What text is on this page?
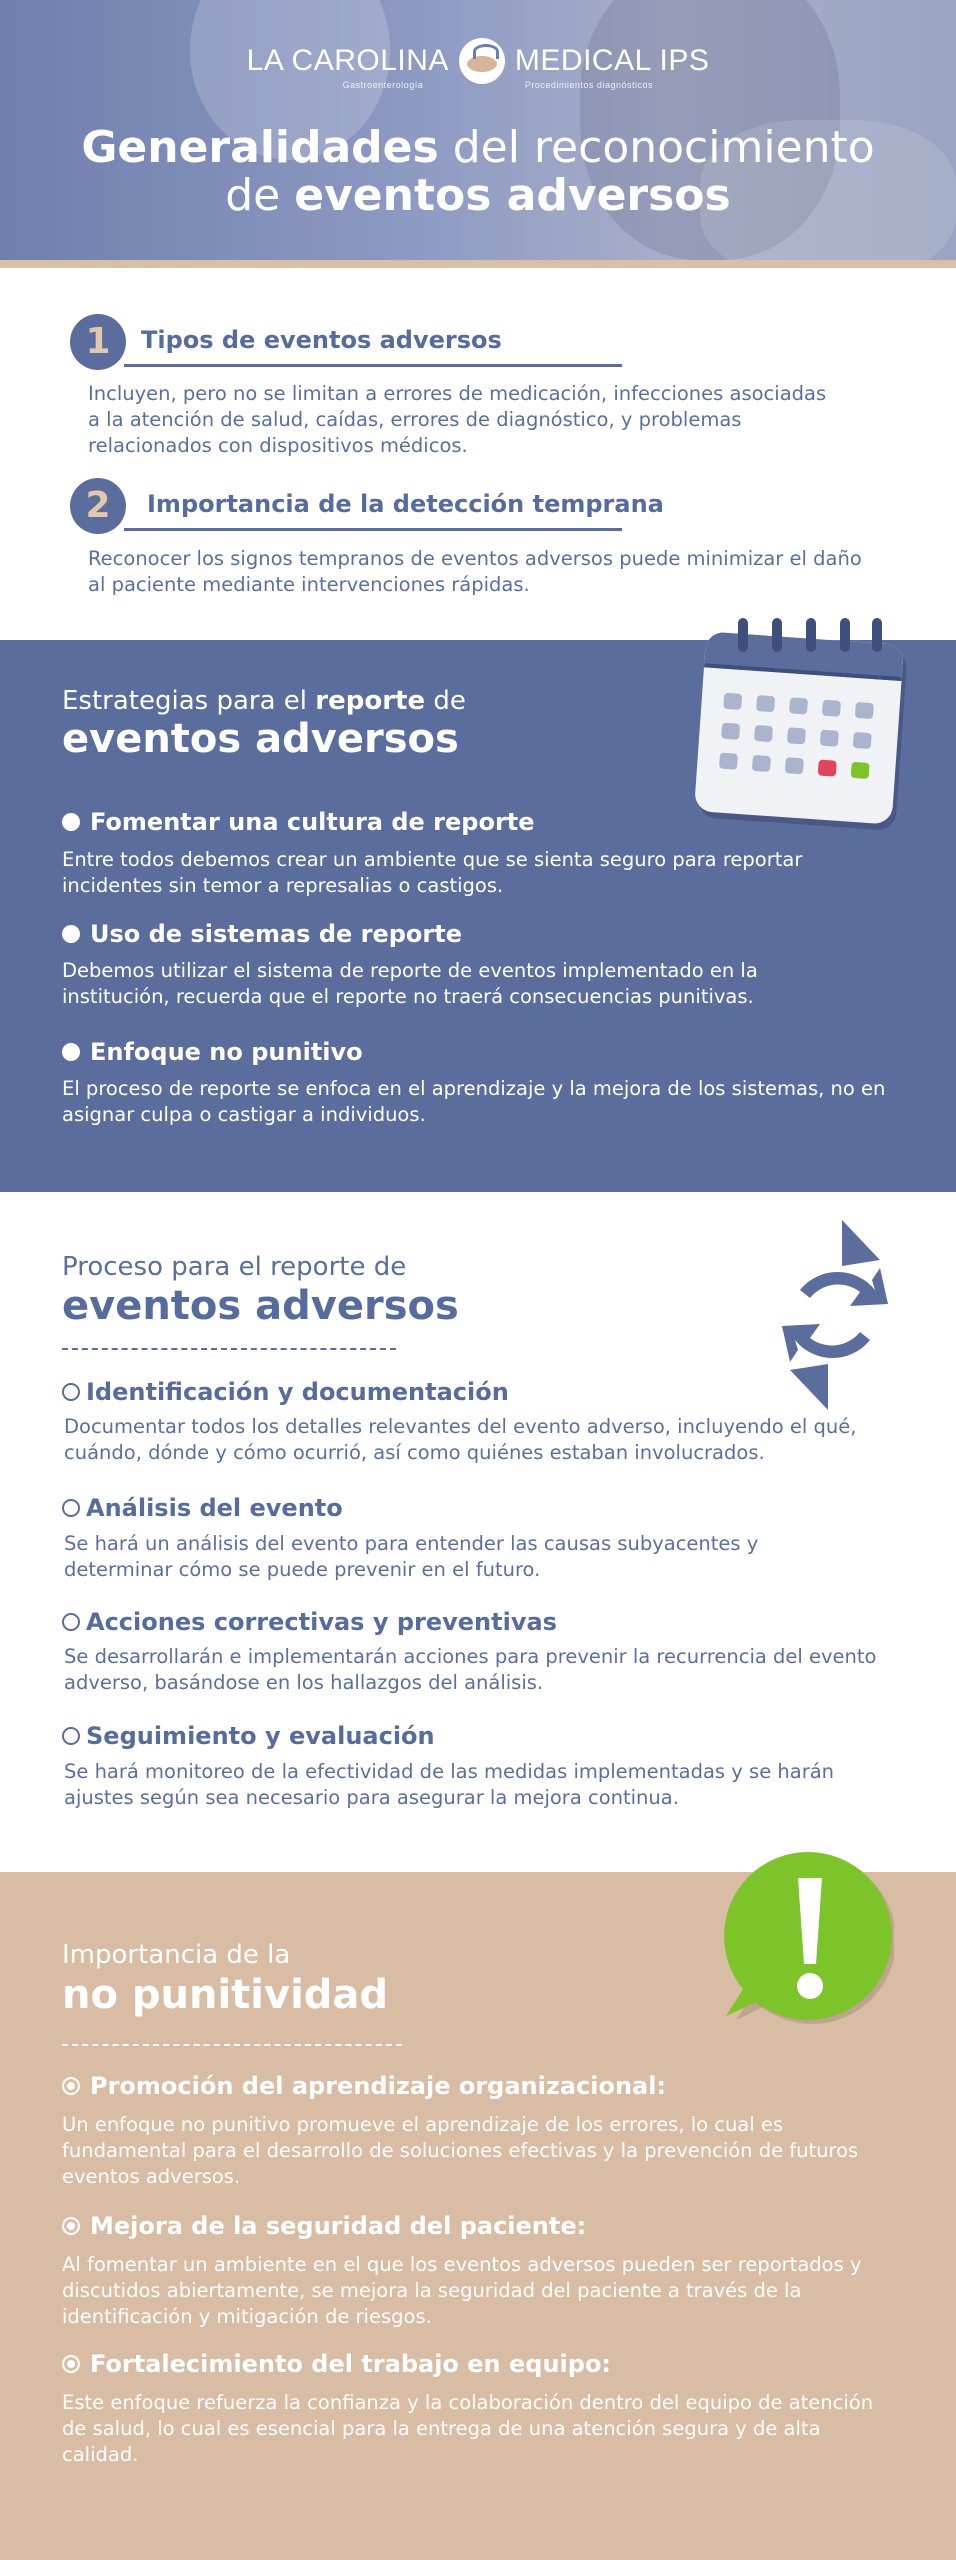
LA CAROLINA
Gastroenterología
MEDICAL IPS
Procedimientos diagnósticos
Generalidades del reconocimiento
de eventos adversos
1	Tipos de eventos adversos
Incluyen, pero no se limitan a errores de medicación, infecciones asociadas a la atención de salud, caídas, errores de diagnóstico, y problemas relacionados con dispositivos médicos.
2	Importancia de la detección temprana
Reconocer los signos tempranos de eventos adversos puede minimizar el daño al paciente mediante intervenciones rápidas.
Estrategias para el reporte de
eventos adversos
Fomentar una cultura de reporte
Entre todos debemos crear un ambiente que se sienta seguro para reportar incidentes sin temor a represalias o castigos.
Uso de sistemas de reporte
Debemos utilizar el sistema de reporte de eventos implementado en la institución, recuerda que el reporte no traerá consecuencias punitivas.
Enfoque no punitivo
El proceso de reporte se enfoca en el aprendizaje y la mejora de los sistemas, no en asignar culpa o castigar a individuos.
Proceso para el reporte de
eventos adversos
Identificación y documentación
Documentar todos los detalles relevantes del evento adverso, incluyendo el qué, cuándo, dónde y cómo ocurrió, así como quiénes estaban involucrados.
Análisis del evento
Se hará un análisis del evento para entender las causas subyacentes y determinar cómo se puede prevenir en el futuro.
Acciones correctivas y preventivas
Se desarrollarán e implementarán acciones para prevenir la recurrencia del evento adverso, basándose en los hallazgos del análisis.
Seguimiento y evaluación
Se hará monitoreo de la efectividad de las medidas implementadas y se harán ajustes según sea necesario para asegurar la mejora continua.
Importancia de la
no punitividad
Promoción del aprendizaje organizacional:
Un enfoque no punitivo promueve el aprendizaje de los errores, lo cual es fundamental para el desarrollo de soluciones efectivas y la prevención de futuros eventos adversos.
Mejora de la seguridad del paciente:
Al fomentar un ambiente en el que los eventos adversos pueden ser reportados y discutidos abiertamente, se mejora la seguridad del paciente a través de la identificación y mitigación de riesgos.
Fortalecimiento del trabajo en equipo:
Este enfoque refuerza la confianza y la colaboración dentro del equipo de atención de salud, lo cual es esencial para la entrega de una atención segura y de alta calidad.
